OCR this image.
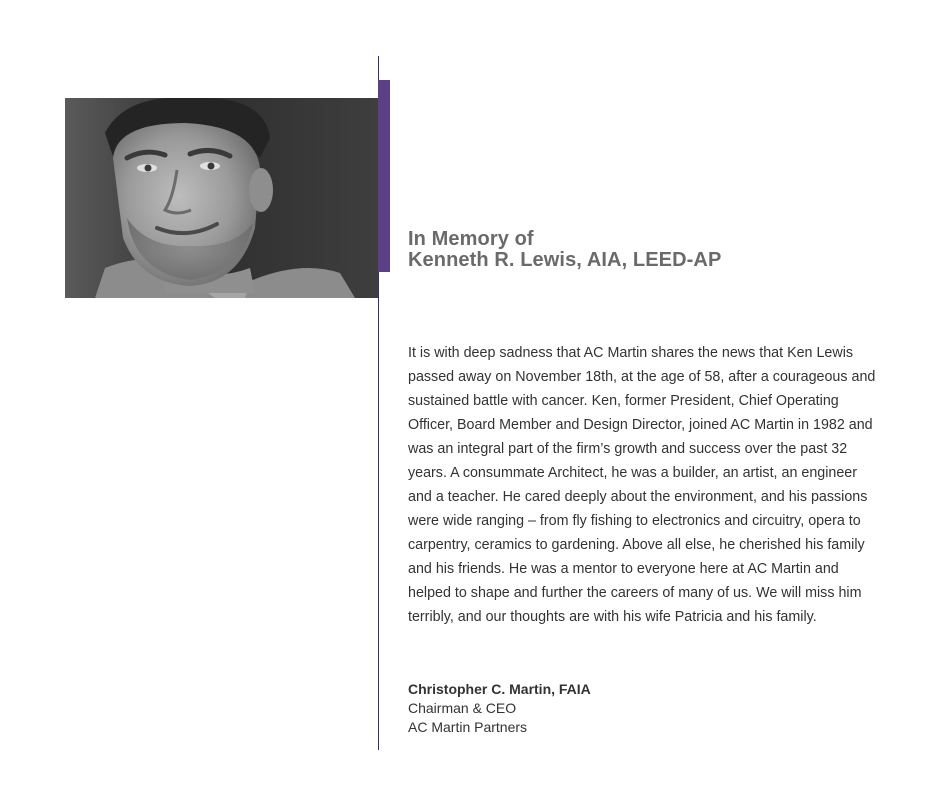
In Memory of
Kenneth R. Lewis, AIA, LEED-AP

It is with deep sadness that AC Martin shares the news that Ken Lewis passed away on November 18th, at the age of 58, after a courageous and sustained battle with cancer. Ken, former President, Chief Operating Officer, Board Member and Design Director, joined AC Martin in 1982 and was an integral part of the firm’s growth and success over the past 32 years. A consummate Architect, he was a builder, an artist, an engineer and a teacher. He cared deeply about the environment, and his passions were wide ranging – from fly fishing to electronics and circuitry, opera to carpentry, ceramics to gardening. Above all else, he cherished his family and his friends. He was a mentor to everyone here at AC Martin and helped to shape and further the careers of many of us. We will miss him terribly, and our thoughts are with his wife Patricia and his family.

Christopher C. Martin, FAIA
Chairman & CEO
AC Martin Partners
